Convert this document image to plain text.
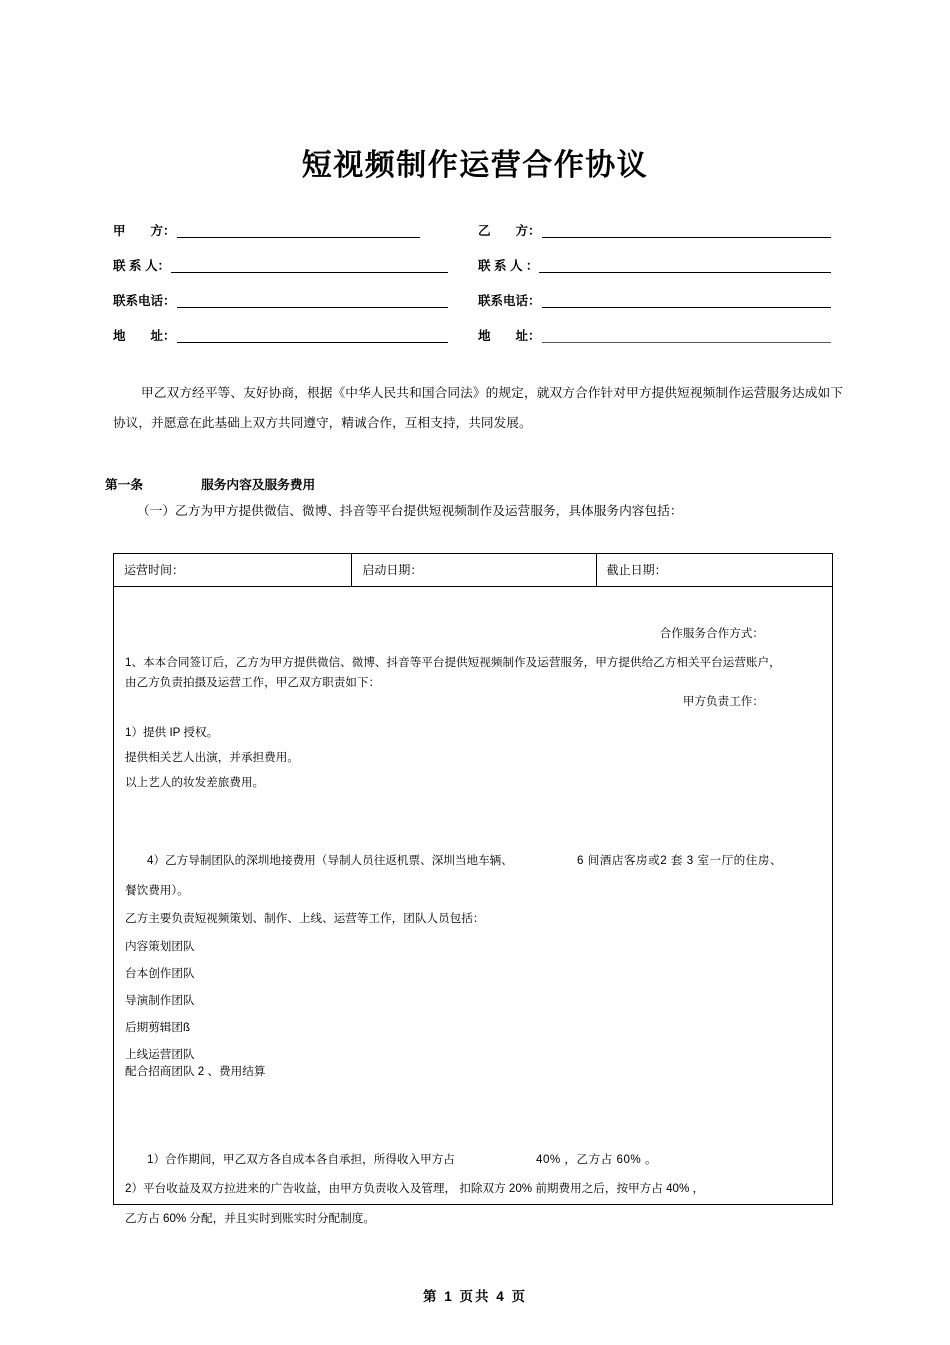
短视频制作运营合作协议
甲　　方：	乙　　方：
联 系 人：	联 系 人 ：
联系电话：	联系电话：
地　　址：	地　　址：
甲乙双方经平等、友好协商，根据《中华人民共和国合同法》的规定，就双方合作针对甲方提供短视频制作运营服务达成如下协议，并愿意在此基础上双方共同遵守，精诚合作，互相支持，共同发展。
第一条	服务内容及服务费用
（一）乙方为甲方提供微信、微博、抖音等平台提供短视频制作及运营服务，具体服务内容包括：
运营时间：	启动日期：	截止日期：
合作服务合作方式：
1、本本合同签订后，乙方为甲方提供微信、微博、抖音等平台提供短视频制作及运营服务，甲方提供给乙方相关平台运营账户，
由乙方负责拍摄及运营工作，甲乙双方职责如下：
甲方负责工作：
1）提供 IP 授权。
提供相关艺人出演，并承担费用。
以上艺人的妆发差旅费用。
4）乙方导制团队的深圳地接费用（导制人员往返机票、深圳当地车辆、	6 间酒店客房或2 套 3 室一厅的住房、
餐饮费用）。
乙方主要负责短视频策划、制作、上线、运营等工作，团队人员包括：
内容策划团队
台本创作团队
导演制作团队
后期剪辑团ß
上线运营团队
配合招商团队 2 、费用结算
1）合作期间，甲乙双方各自成本各自承担，所得收入甲方占	40% ，乙方占 60% 。
2）平台收益及双方拉进来的广告收益，由甲方负责收入及管理， 扣除双方 20% 前期费用之后，按甲方占 40% ，
乙方占 60% 分配，并且实时到账实时分配制度。
第 1 页共 4 页
